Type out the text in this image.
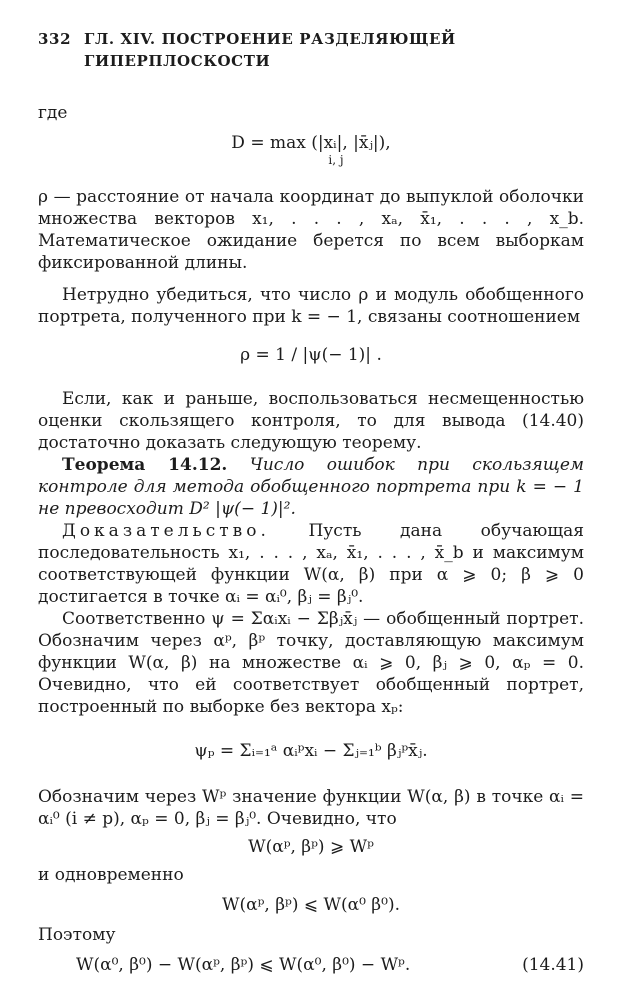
332 ГЛ. XIV. ПОСТРОЕНИЕ РАЗДЕЛЯЮЩЕЙ ГИПЕРПЛОСКОСТИ

где

D = max (|xᵢ|, |x̄ⱼ|),

i, j

ρ — расстояние от начала координат до выпуклой оболочки множества векторов x₁, . . . , xₐ, x̄₁, . . . , x_b. Математическое ожидание берется по всем выборкам фиксированной длины.

Нетрудно убедиться, что число ρ и модуль обобщенного портрета, полученного при k = − 1, связаны соотношением

ρ = 1 / |ψ(− 1)| .

Если, как и раньше, воспользоваться несмещенностью оценки скользящего контроля, то для вывода (14.40) достаточно доказать следующую теорему.

Теорема 14.12. Число ошибок при скользящем контроле для метода обобщенного портрета при k = − 1 не превосходит D² |ψ(− 1)|².

Доказательство. Пусть дана обучающая последовательность x₁, . . . , xₐ, x̄₁, . . . , x̄_b и максимум соответствующей функции W(α, β) при α ⩾ 0; β ⩾ 0 достигается в точке αᵢ = αᵢ⁰, βⱼ = βⱼ⁰.

Соответственно ψ = Σαᵢxᵢ − Σβⱼx̄ⱼ — обобщенный портрет. Обозначим через αᵖ, βᵖ точку, доставляющую максимум функции W(α, β) на множестве αᵢ ⩾ 0, βⱼ ⩾ 0, αₚ = 0. Очевидно, что ей соответствует обобщенный портрет, построенный по выборке без вектора xₚ:

ψₚ = Σᵢ₌₁ᵃ αᵢᵖxᵢ − Σⱼ₌₁ᵇ βⱼᵖx̄ⱼ.

Обозначим через Wᵖ значение функции W(α, β) в точке αᵢ = αᵢ⁰ (i ≠ p), αₚ = 0, βⱼ = βⱼ⁰. Очевидно, что

W(αᵖ, βᵖ) ⩾ Wᵖ

и одновременно

W(αᵖ, βᵖ) ⩽ W(α⁰ β⁰).

Поэтому

W(α⁰, β⁰) − W(αᵖ, βᵖ) ⩽ W(α⁰, β⁰) − Wᵖ.	(14.41)
